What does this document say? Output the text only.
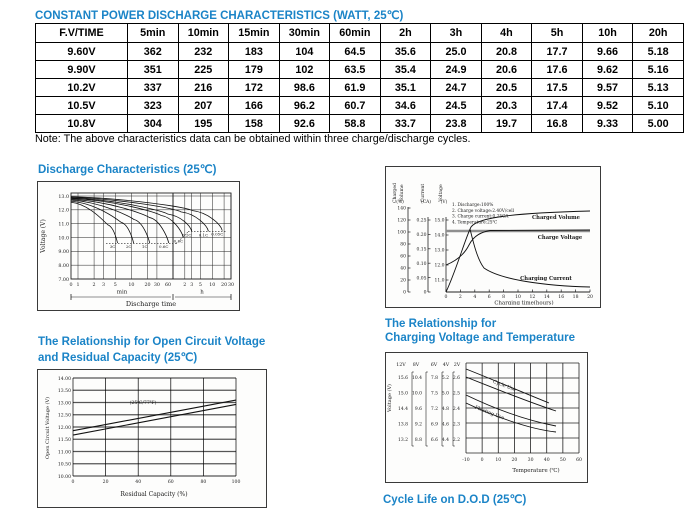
CONSTANT POWER DISCHARGE CHARACTERISTICS (WATT, 25℃)
F.V/TIME	5min	10min	15min	30min	60min	2h	3h	4h	5h	10h	20h
9.60V	362	232	183	104	64.5	35.6	25.0	20.8	17.7	9.66	5.18
9.90V	351	225	179	102	63.5	35.4	24.9	20.6	17.6	9.62	5.16
10.2V	337	216	172	98.6	61.9	35.1	24.7	20.5	17.5	9.57	5.13
10.5V	323	207	166	96.2	60.7	34.6	24.5	20.3	17.4	9.52	5.10
10.8V	304	195	158	92.6	58.8	33.7	23.8	19.7	16.8	9.33	5.00
Note: The above characteristics data can be obtained within three charge/discharge cycles.
Discharge Characteristics (25℃)
13.0
12.0
11.0
10.0
9.00
8.00
7.00
0 1	2 3 5 10 20 30 60	2 3 5 10 20 30
3C	2C	1C	0.6C
0.3C
0.2C 0.1C 0.05C
Voltage (V)
min	h
Discharge time
Charged Volume
(%)
Current
(CA)
Voltage
(V)
140
120
100
80
60
40
20
0
0.25
0.20
0.15
0.10
0.05
0
15.0
14.0
13.0
12.0
11.0
0 2 4 6 8 10 12 14 16 18 20
Charging time(hours)
1. Discharge:100%
2. Charge voltage:2.40V/cell
3. Charge current:0.25CA
4. Temperature:25℃
Charged Volume
Charge Voltage
Charging Current
The Relationship for
Charging Voltage and Temperature
The Relationship for Open Circuit Voltage
and Residual Capacity (25℃)
14.00
13.50
13.00
12.50
12.00
11.50
11.00
10.50
10.00
0	20	40	60	80	100
(25℃/77℉)
Open Circuit Voltage (V)
Residual Capacity (%)
12V
15.6
15.0
14.4
13.8
13.2
8V
10.4
10.0
9.6
9.2
8.8
6V
7.8
7.5
7.2
6.9
6.6
4V
5.2
5.0
4.8
4.6
4.4
2V
2.6
2.5
2.4
2.3
2.2
Voltage (V)
-10 0	10 20 30 40 50 60
Temperature (℃)
Cycle Use
Floating Use
Cycle Life on D.O.D (25℃)
